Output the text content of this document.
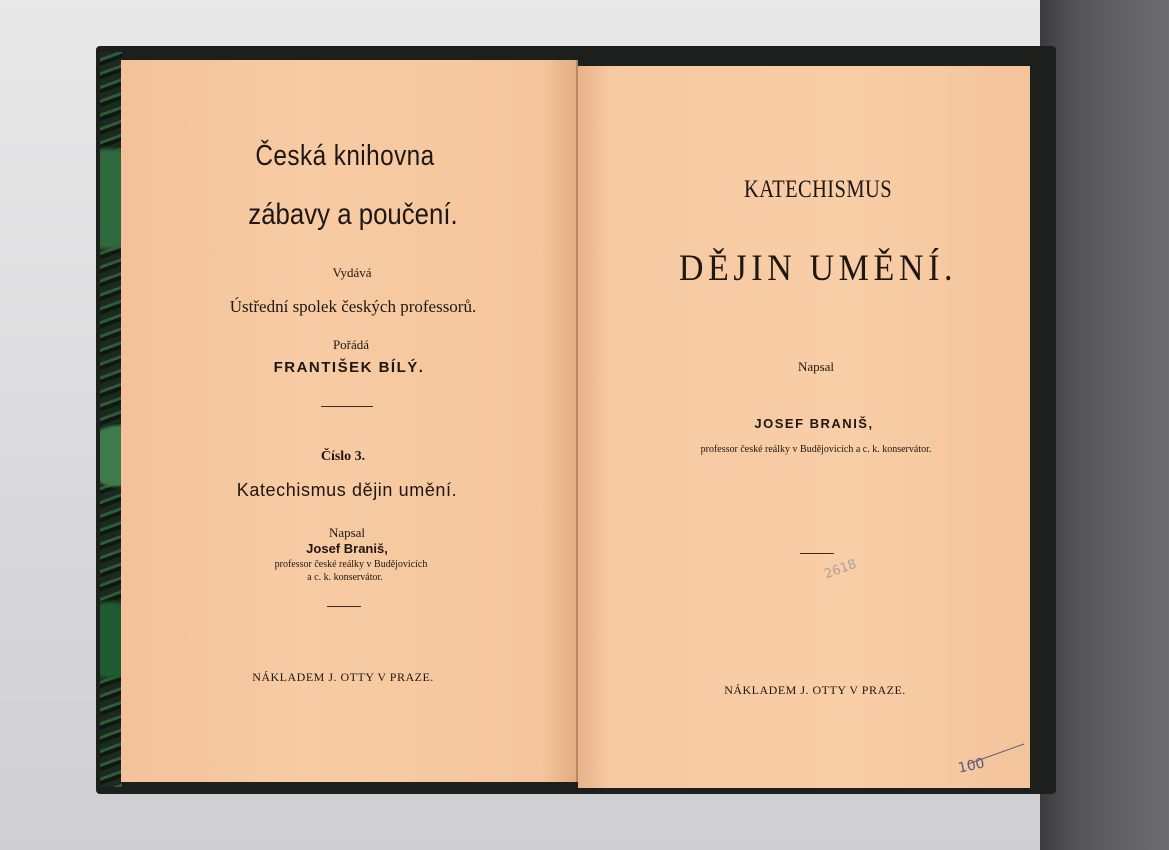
Česká knihovna
zábavy a poučení.
Vydává
Ústřední spolek českých professorů.
Pořádá
FRANTIŠEK BÍLÝ.
Číslo 3.
Katechismus dějin umění.
Napsal
Josef Braniš,
professor české reálky v Budějovicích
a c. k. konservátor.
NÁKLADEM J. OTTY V PRAZE.
KATECHISMUS
DĚJIN UMĚNÍ.
Napsal
JOSEF BRANIŠ,
professor české reálky v Budějovicích a c. k. konservátor.
2618
NÁKLADEM J. OTTY V PRAZE.
100
